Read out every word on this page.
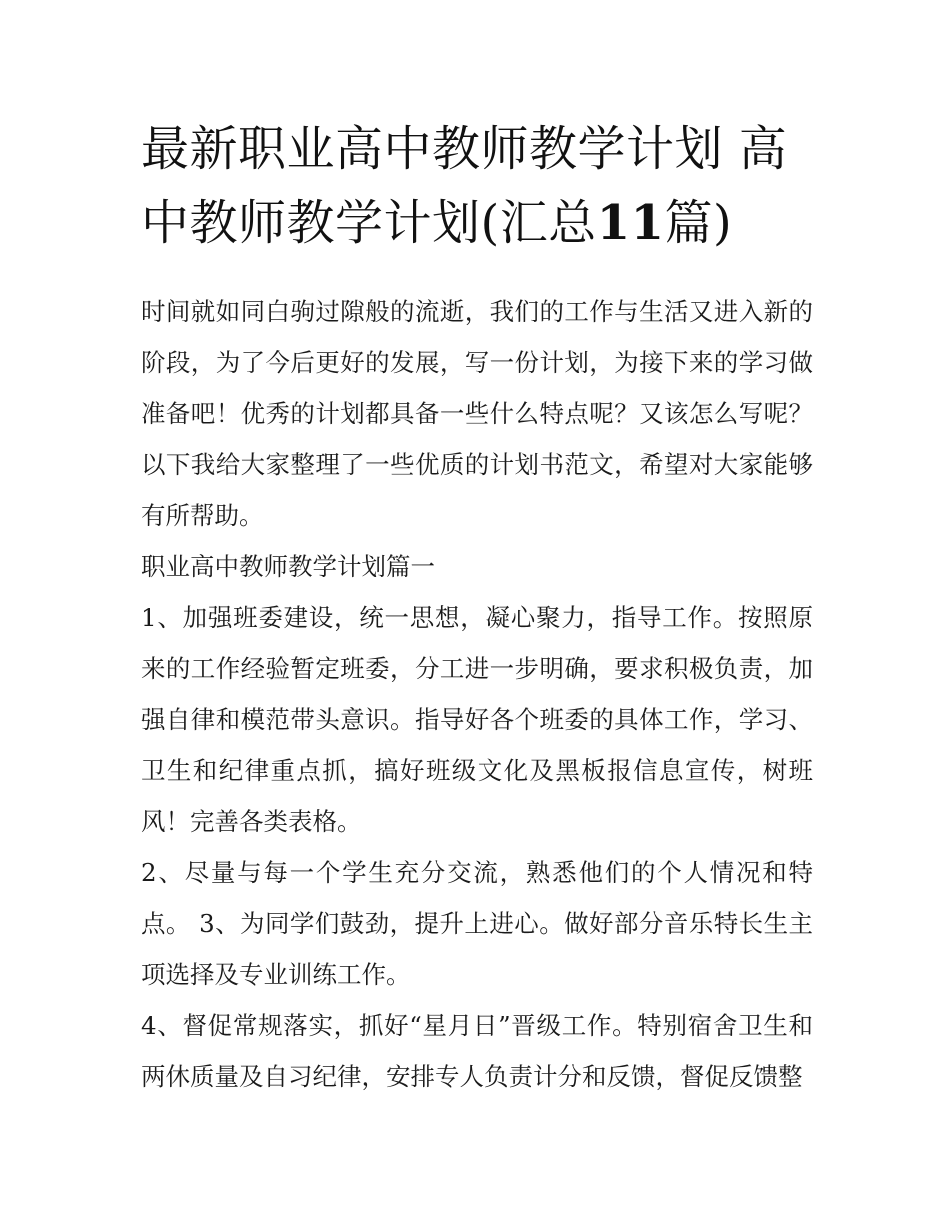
最新职业高中教师教学计划 高中教师教学计划(汇总11篇)

时间就如同白驹过隙般的流逝，我们的工作与生活又进入新的阶段，为了今后更好的发展，写一份计划，为接下来的学习做准备吧！优秀的计划都具备一些什么特点呢？又该怎么写呢？以下我给大家整理了一些优质的计划书范文，希望对大家能够有所帮助。

职业高中教师教学计划篇一

1、加强班委建设，统一思想，凝心聚力，指导工作。按照原来的工作经验暂定班委，分工进一步明确，要求积极负责，加强自律和模范带头意识。指导好各个班委的具体工作，学习、卫生和纪律重点抓，搞好班级文化及黑板报信息宣传，树班风！完善各类表格。

2、尽量与每一个学生充分交流，熟悉他们的个人情况和特点。 3、为同学们鼓劲，提升上进心。做好部分音乐特长生主项选择及专业训练工作。

4、督促常规落实，抓好“星月日”晋级工作。特别宿舍卫生和两休质量及自习纪律，安排专人负责计分和反馈，督促反馈整
